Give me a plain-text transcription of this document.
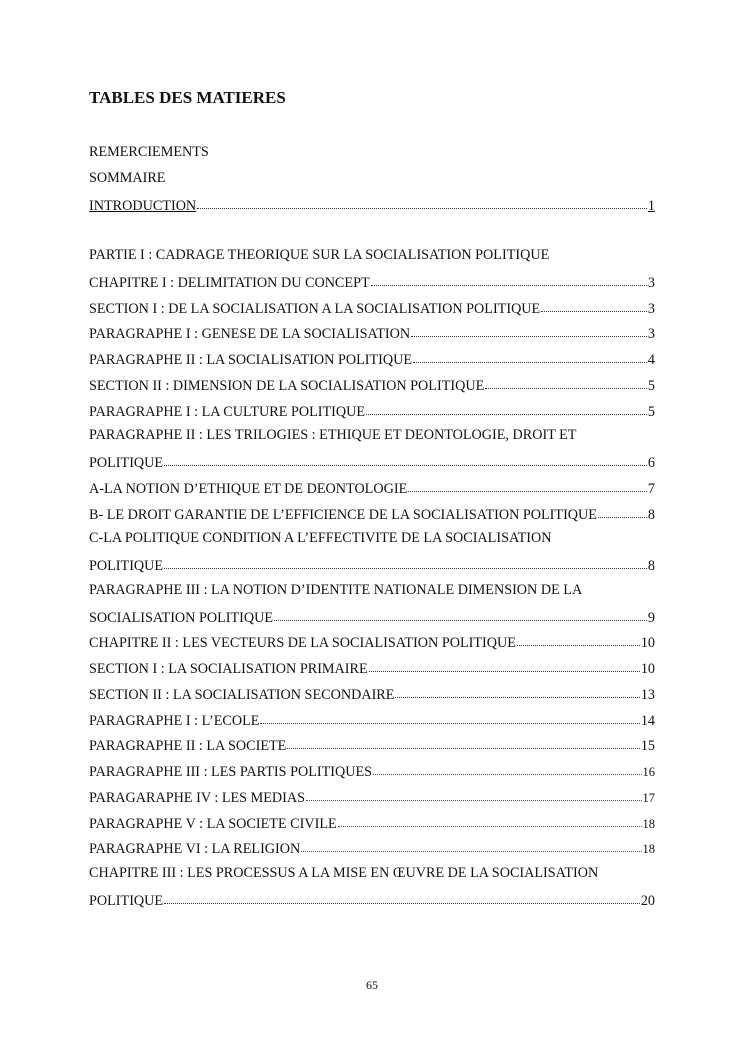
TABLES DES MATIERES
REMERCIEMENTS
SOMMAIRE
INTRODUCTION	1
PARTIE I : CADRAGE THEORIQUE SUR LA SOCIALISATION POLITIQUE
CHAPITRE I : DELIMITATION DU CONCEPT	3
SECTION I : DE LA SOCIALISATION A LA SOCIALISATION POLITIQUE	3
PARAGRAPHE I : GENESE DE LA SOCIALISATION	3
PARAGRAPHE II : LA SOCIALISATION POLITIQUE	4
SECTION II : DIMENSION DE LA SOCIALISATION POLITIQUE	5
PARAGRAPHE I : LA CULTURE POLITIQUE	5
PARAGRAPHE II : LES TRILOGIES : ETHIQUE ET DEONTOLOGIE, DROIT ET
POLITIQUE	6
A-LA NOTION D’ETHIQUE ET DE DEONTOLOGIE	7
B- LE DROIT GARANTIE DE L’EFFICIENCE DE LA SOCIALISATION POLITIQUE	8
C-LA POLITIQUE CONDITION A L’EFFECTIVITE DE LA SOCIALISATION
POLITIQUE	8
PARAGRAPHE III : LA NOTION D’IDENTITE NATIONALE DIMENSION DE LA
SOCIALISATION POLITIQUE	9
CHAPITRE II : LES VECTEURS DE LA SOCIALISATION POLITIQUE	10
SECTION I : LA SOCIALISATION PRIMAIRE	10
SECTION II : LA SOCIALISATION SECONDAIRE	13
PARAGRAPHE I : L’ECOLE	14
PARAGRAPHE II : LA SOCIETE	15
PARAGRAPHE III : LES PARTIS POLITIQUES	16
PARAGARAPHE IV : LES MEDIAS	17
PARAGRAPHE V : LA SOCIETE CIVILE	18
PARAGRAPHE VI : LA RELIGION	18
CHAPITRE III : LES PROCESSUS A LA MISE EN ŒUVRE DE LA SOCIALISATION
POLITIQUE	20
65
